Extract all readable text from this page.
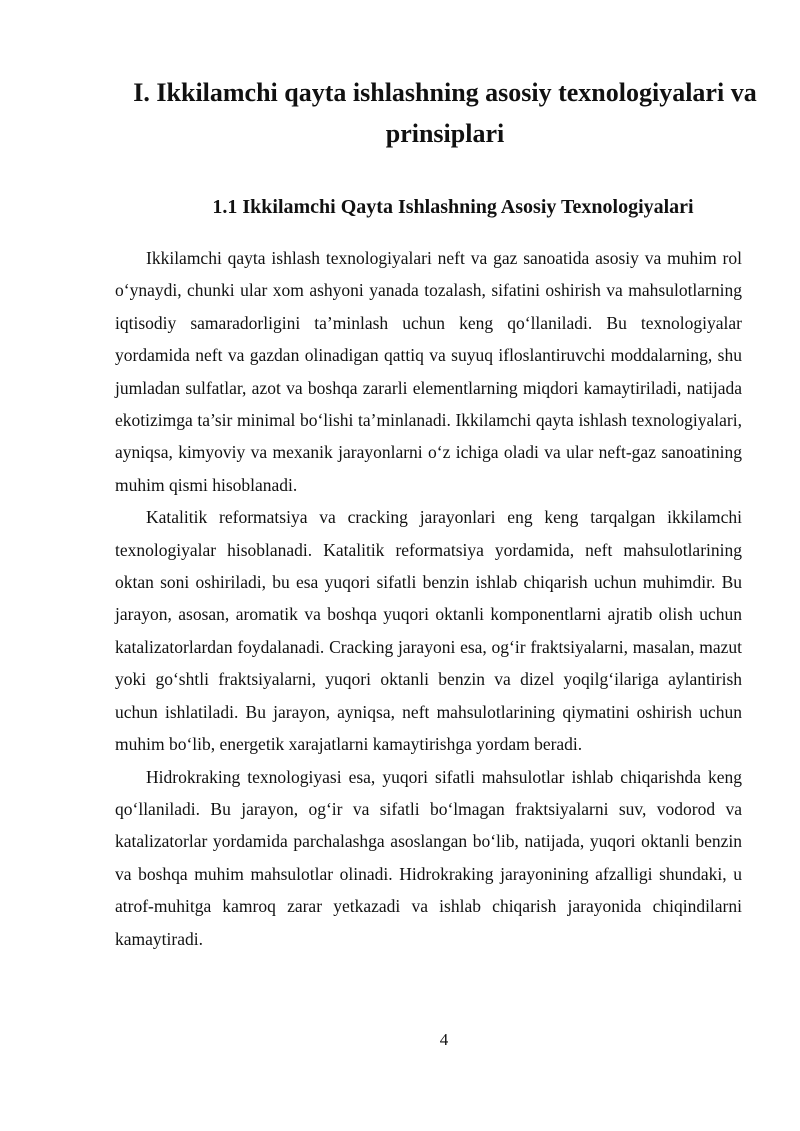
I. Ikkilamchi qayta ishlashning asosiy texnologiyalari va prinsiplari
1.1 Ikkilamchi Qayta Ishlashning Asosiy Texnologiyalari

Ikkilamchi qayta ishlash texnologiyalari neft va gaz sanoatida asosiy va muhim rol o‘ynaydi, chunki ular xom ashyoni yanada tozalash, sifatini oshirish va mahsulotlarning iqtisodiy samaradorligini ta’minlash uchun keng qo‘llaniladi. Bu texnologiyalar yordamida neft va gazdan olinadigan qattiq va suyuq ifloslantiruvchi moddalarning, shu jumladan sulfatlar, azot va boshqa zararli elementlarning miqdori kamaytiriladi, natijada ekotizimga ta’sir minimal bo‘lishi ta’minlanadi. Ikkilamchi qayta ishlash texnologiyalari, ayniqsa, kimyoviy va mexanik jarayonlarni o‘z ichiga oladi va ular neft-gaz sanoatining muhim qismi hisoblanadi.

Katalitik reformatsiya va cracking jarayonlari eng keng tarqalgan ikkilamchi texnologiyalar hisoblanadi. Katalitik reformatsiya yordamida, neft mahsulotlarining oktan soni oshiriladi, bu esa yuqori sifatli benzin ishlab chiqarish uchun muhimdir. Bu jarayon, asosan, aromatik va boshqa yuqori oktanli komponentlarni ajratib olish uchun katalizatorlardan foydalanadi. Cracking jarayoni esa, og‘ir fraktsiyalarni, masalan, mazut yoki go‘shtli fraktsiyalarni, yuqori oktanli benzin va dizel yoqilg‘ilariga aylantirish uchun ishlatiladi. Bu jarayon, ayniqsa, neft mahsulotlarining qiymatini oshirish uchun muhim bo‘lib, energetik xarajatlarni kamaytirishga yordam beradi.

Hidrokraking texnologiyasi esa, yuqori sifatli mahsulotlar ishlab chiqarishda keng qo‘llaniladi. Bu jarayon, og‘ir va sifatli bo‘lmagan fraktsiyalarni suv, vodorod va katalizatorlar yordamida parchalashga asoslangan bo‘lib, natijada, yuqori oktanli benzin va boshqa muhim mahsulotlar olinadi. Hidrokraking jarayonining afzalligi shundaki, u atrof-muhitga kamroq zarar yetkazadi va ishlab chiqarish jarayonida chiqindilarni kamaytiradi.

4
